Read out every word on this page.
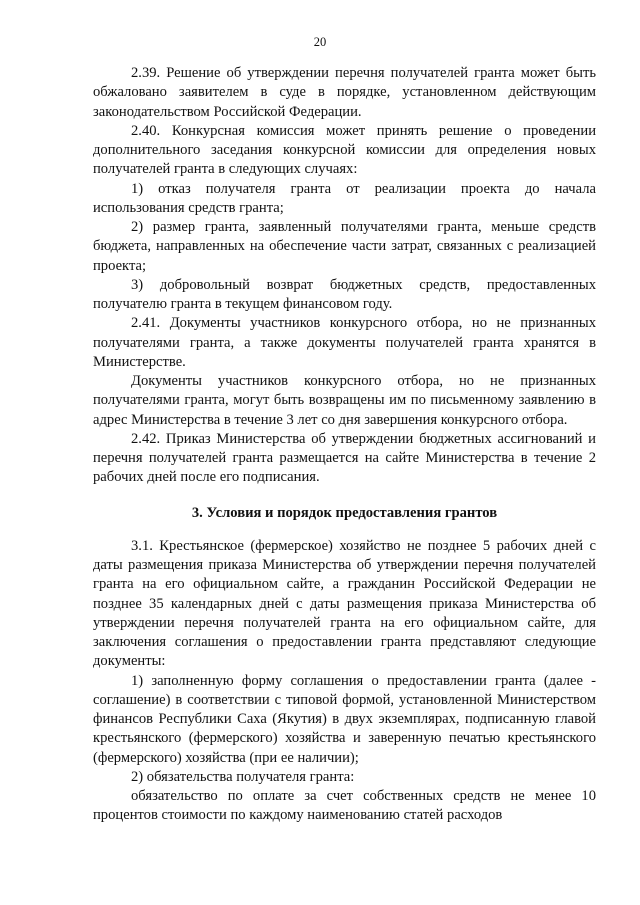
20

2.39. Решение об утверждении перечня получателей гранта может быть обжаловано заявителем в суде в порядке, установленном действующим законодательством Российской Федерации.

2.40. Конкурсная комиссия может принять решение о проведении дополнительного заседания конкурсной комиссии для определения новых получателей гранта в следующих случаях:

1) отказ получателя гранта от реализации проекта до начала использования средств гранта;

2) размер гранта, заявленный получателями гранта, меньше средств бюджета, направленных на обеспечение части затрат, связанных с реализацией проекта;

3) добровольный возврат бюджетных средств, предоставленных получателю гранта в текущем финансовом году.

2.41. Документы участников конкурсного отбора, но не признанных получателями гранта, а также документы получателей гранта хранятся в Министерстве.

Документы участников конкурсного отбора, но не признанных получателями гранта, могут быть возвращены им по письменному заявлению в адрес Министерства в течение 3 лет со дня завершения конкурсного отбора.

2.42. Приказ Министерства об утверждении бюджетных ассигнований и перечня получателей гранта размещается на сайте Министерства в течение 2 рабочих дней после его подписания.

3. Условия и порядок предоставления грантов

3.1. Крестьянское (фермерское) хозяйство не позднее 5 рабочих дней с даты размещения приказа Министерства об утверждении перечня получателей гранта на его официальном сайте, а гражданин Российской Федерации не позднее 35 календарных дней с даты размещения приказа Министерства об утверждении перечня получателей гранта на его официальном сайте, для заключения соглашения о предоставлении гранта представляют следующие документы:

1) заполненную форму соглашения о предоставлении гранта (далее - соглашение) в соответствии с типовой формой, установленной Министерством финансов Республики Саха (Якутия) в двух экземплярах, подписанную главой крестьянского (фермерского) хозяйства и заверенную печатью крестьянского (фермерского) хозяйства (при ее наличии);

2) обязательства получателя гранта:

обязательство по оплате за счет собственных средств не менее 10 процентов стоимости по каждому наименованию статей расходов
